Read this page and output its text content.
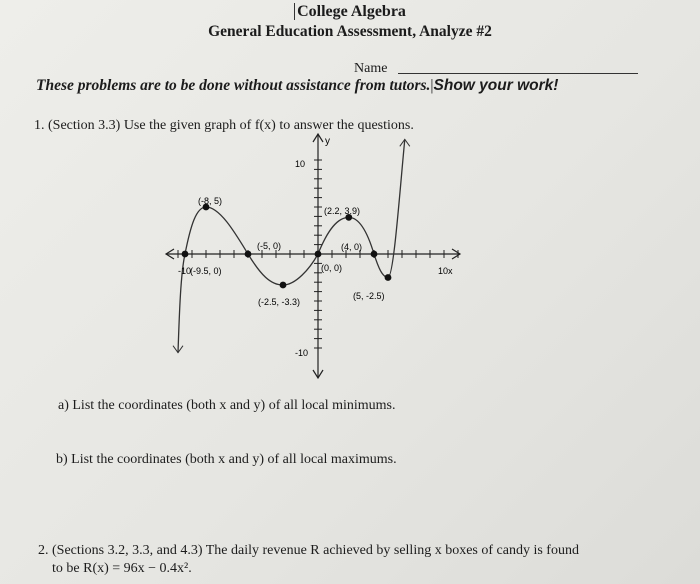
College Algebra
General Education Assessment, Analyze #2
Name
These problems are to be done without assistance from tutors.|Show your work!
1. (Section 3.3) Use the given graph of f(x) to answer the questions.
y
x
10
-10
-10	10
(-9.5, 0)
(-8, 5)
(-5, 0)
(-2.5, -3.3)
(0, 0)
(2.2, 3.9)
(4, 0)
(5, -2.5)
a) List the coordinates (both x and y) of all local minimums.
b) List the coordinates (both x and y) of all local maximums.
2. (Sections 3.2, 3.3, and 4.3) The daily revenue R achieved by selling x boxes of candy is found
to be R(x) = 96x − 0.4x².
